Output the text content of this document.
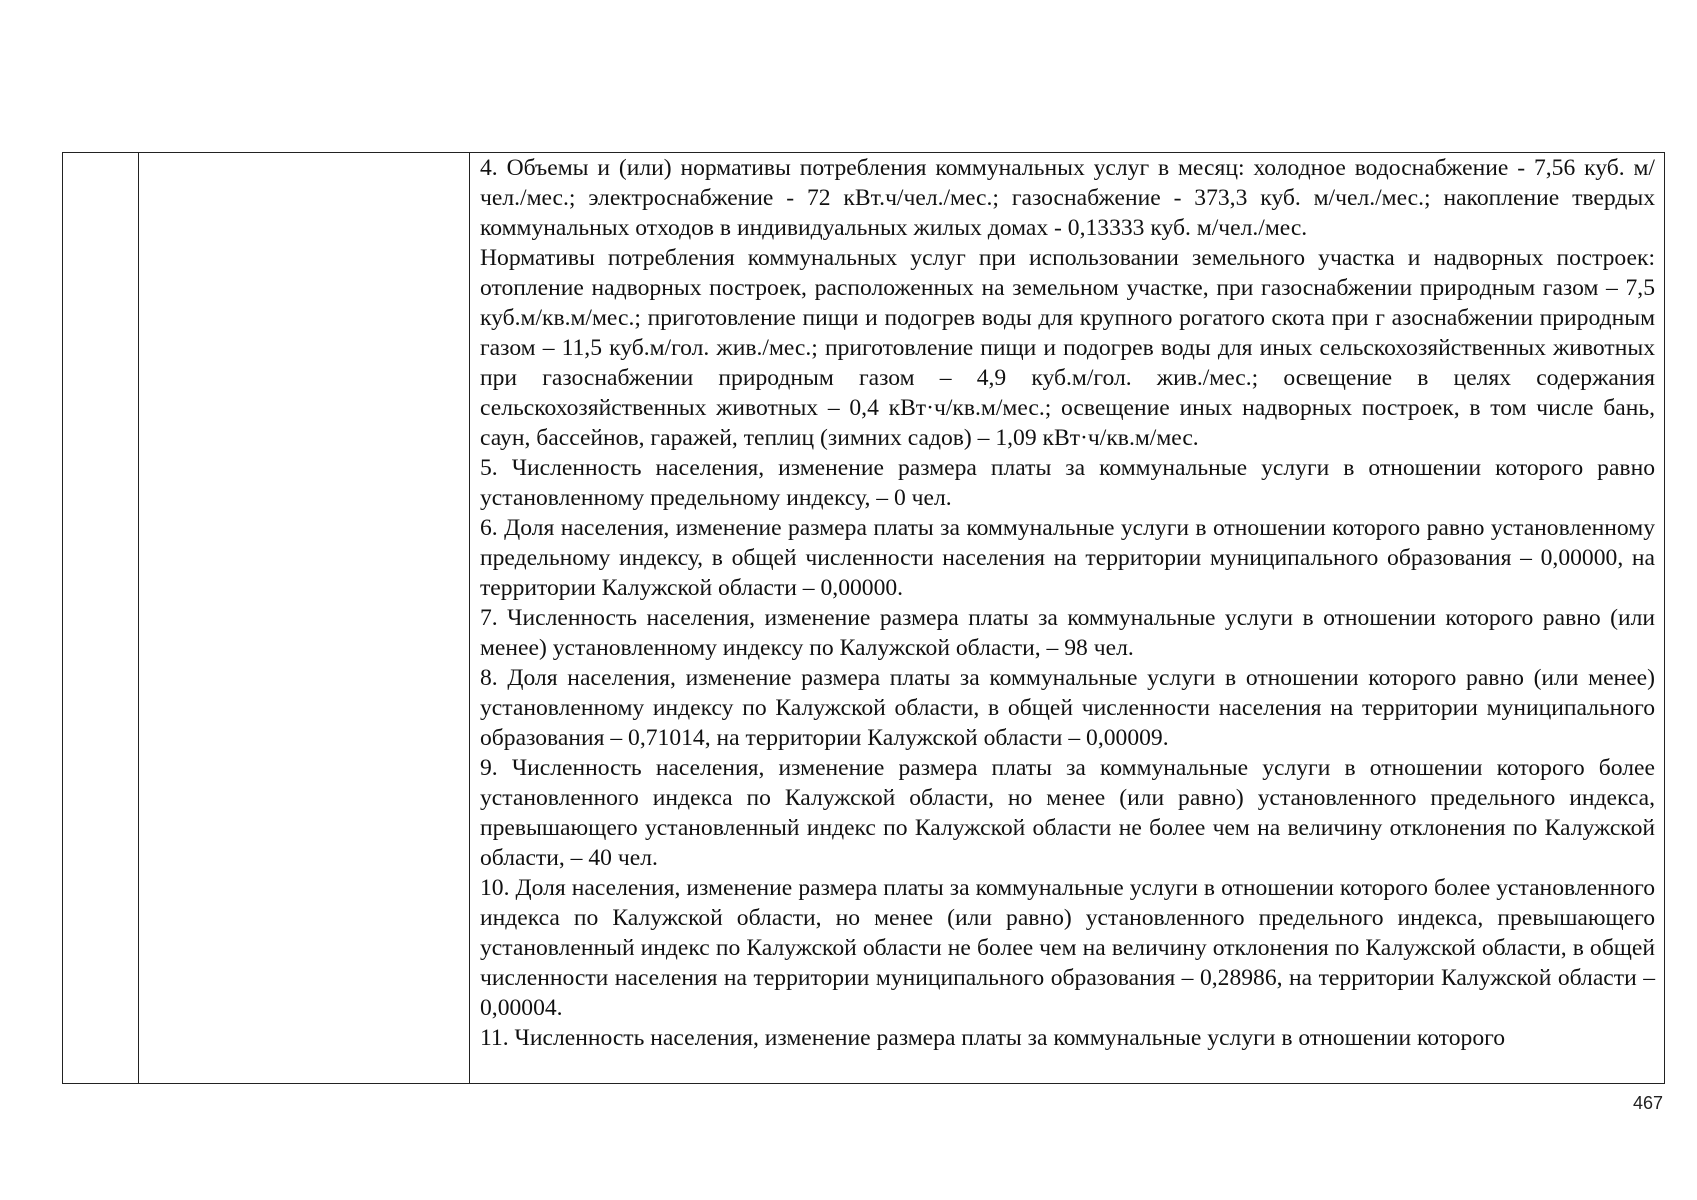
4. Объемы и (или) нормативы потребления коммунальных услуг в месяц: холодное водоснабжение - 7,56 куб. м/чел./мес.; электроснабжение - 72 кВт.ч/чел./мес.; газоснабжение - 373,3 куб. м/чел./мес.; накопление твердых коммунальных отходов в индивидуальных жилых домах - 0,13333 куб. м/чел./мес.

Нормативы потребления коммунальных услуг при использовании земельного участка и надворных построек: отопление надворных построек, расположенных на земельном участке, при газоснабжении природным газом – 7,5 куб.м/кв.м/мес.; приготовление пищи и подогрев воды для крупного рогатого скота при г азоснабжении природным газом – 11,5 куб.м/гол. жив./мес.; приготовление пищи и подогрев воды для иных сельскохозяйственных животных при газоснабжении природным газом – 4,9 куб.м/гол. жив./мес.; освещение в целях содержания сельскохозяйственных животных – 0,4 кВт·ч/кв.м/мес.; освещение иных надворных построек, в том числе бань, саун, бассейнов, гаражей, теплиц (зимних садов) – 1,09 кВт·ч/кв.м/мес.

5. Численность населения, изменение размера платы за коммунальные услуги в отношении которого равно установленному предельному индексу, – 0 чел.

6. Доля населения, изменение размера платы за коммунальные услуги в отношении которого равно установленному предельному индексу, в общей численности населения на территории муниципального образования – 0,00000, на территории Калужской области – 0,00000.

7. Численность населения, изменение размера платы за коммунальные услуги в отношении которого равно (или менее) установленному индексу по Калужской области, – 98 чел.

8. Доля населения, изменение размера платы за коммунальные услуги в отношении которого равно (или менее) установленному индексу по Калужской области, в общей численности населения на территории муниципального образования – 0,71014, на территории Калужской области – 0,00009.

9. Численность населения, изменение размера платы за коммунальные услуги в отношении которого более установленного индекса по Калужской области, но менее (или равно) установленного предельного индекса, превышающего установленный индекс по Калужской области не более чем на величину отклонения по Калужской области, – 40 чел.

10. Доля населения, изменение размера платы за коммунальные услуги в отношении которого более установленного индекса по Калужской области, но менее (или равно) установленного предельного индекса, превышающего установленный индекс по Калужской области не более чем на величину отклонения по Калужской области, в общей численности населения на территории муниципального образования – 0,28986, на территории Калужской области – 0,00004.

11. Численность населения, изменение размера платы за коммунальные услуги в отношении которого

467
